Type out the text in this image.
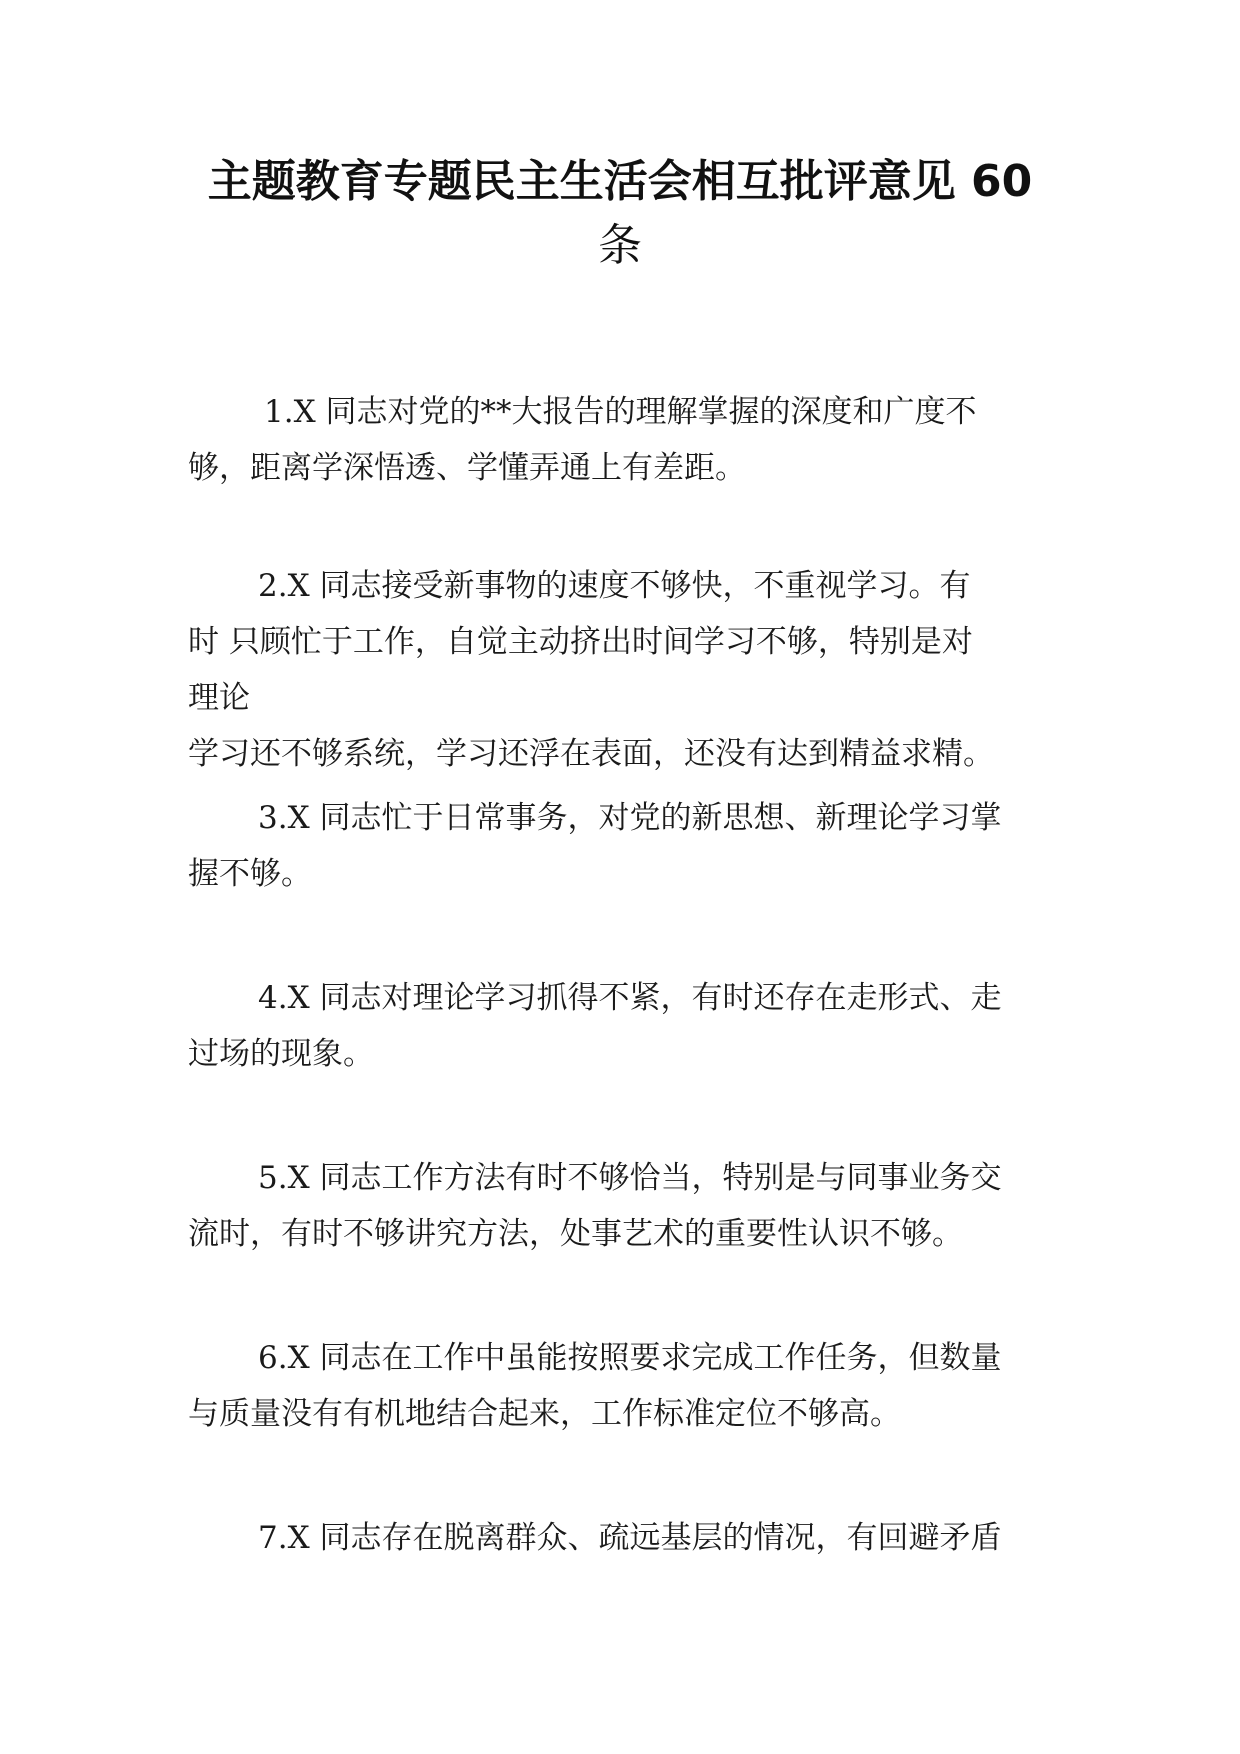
主题教育专题民主生活会相互批评意见 60
条
1.X 同志对党的**大报告的理解掌握的深度和广度不
够，距离学深悟透、学懂弄通上有差距。
2.X 同志接受新事物的速度不够快，不重视学习。有
时 只顾忙于工作，自觉主动挤出时间学习不够，特别是对
理论
学习还不够系统，学习还浮在表面，还没有达到精益求精。
3.X 同志忙于日常事务，对党的新思想、新理论学习掌
握不够。
4.X 同志对理论学习抓得不紧，有时还存在走形式、走
过场的现象。
5.X 同志工作方法有时不够恰当，特别是与同事业务交
流时，有时不够讲究方法，处事艺术的重要性认识不够。
6.X 同志在工作中虽能按照要求完成工作任务，但数量
与质量没有有机地结合起来，工作标准定位不够高。
7.X 同志存在脱离群众、疏远基层的情况，有回避矛盾
